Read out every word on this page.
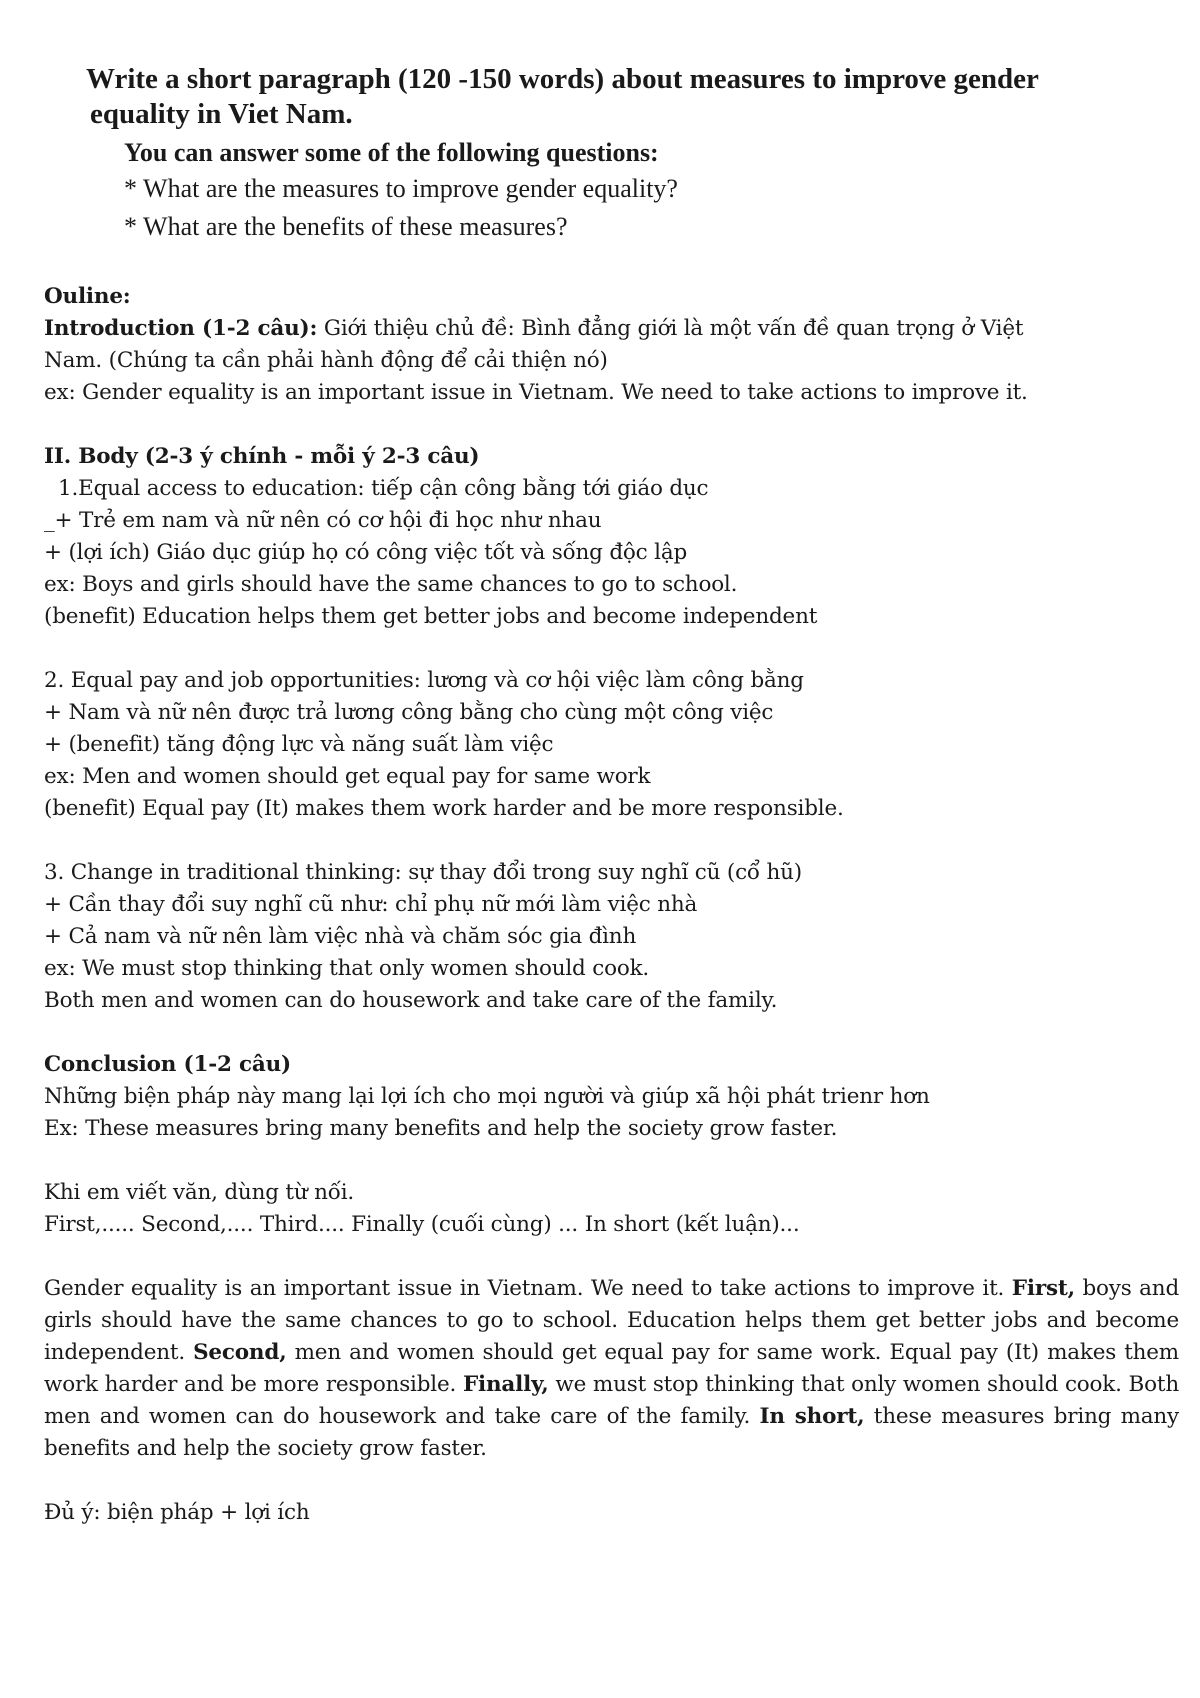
Write a short paragraph (120 -150 words) about measures to improve gender
equality in Viet Nam.

You can answer some of the following questions:

* What are the measures to improve gender equality?

* What are the benefits of these measures?

Ouline:

Introduction (1-2 câu): Giới thiệu chủ đề: Bình đẳng giới là một vấn đề quan trọng ở Việt

Nam. (Chúng ta cần phải hành động để cải thiện nó)

ex: Gender equality is an important issue in Vietnam. We need to take actions to improve it.

II. Body (2-3 ý chính - mỗi ý 2-3 câu)

1.Equal access to education: tiếp cận công bằng tới giáo dục

_+ Trẻ em nam và nữ nên có cơ hội đi học như nhau

+ (lợi ích) Giáo dục giúp họ có công việc tốt và sống độc lập

ex: Boys and girls should have the same chances to go to school.

(benefit) Education helps them get better jobs and become independent

2. Equal pay and job opportunities: lương và cơ hội việc làm công bằng

+ Nam và nữ nên được trả lương công bằng cho cùng một công việc

+ (benefit) tăng động lực và năng suất làm việc

ex: Men and women should get equal pay for same work

(benefit) Equal pay (It) makes them work harder and be more responsible.

3. Change in traditional thinking: sự thay đổi trong suy nghĩ cũ (cổ hũ)

+ Cần thay đổi suy nghĩ cũ như: chỉ phụ nữ mới làm việc nhà

+ Cả nam và nữ nên làm việc nhà và chăm sóc gia đình

ex: We must stop thinking that only women should cook.

Both men and women can do housework and take care of the family.

Conclusion (1-2 câu)

Những biện pháp này mang lại lợi ích cho mọi người và giúp xã hội phát trienr hơn

Ex: These measures bring many benefits and help the society grow faster.

Khi em viết văn, dùng từ nối.

First,..... Second,.... Third.... Finally (cuối cùng) ... In short (kết luận)...

Gender equality is an important issue in Vietnam. We need to take actions to improve it. First, boys and girls should have the same chances to go to school. Education helps them get better jobs and become independent. Second, men and women should get equal pay for same work. Equal pay (It) makes them work harder and be more responsible. Finally, we must stop thinking that only women should cook. Both men and women can do housework and take care of the family. In short, these measures bring many benefits and help the society grow faster.

Đủ ý: biện pháp + lợi ích
